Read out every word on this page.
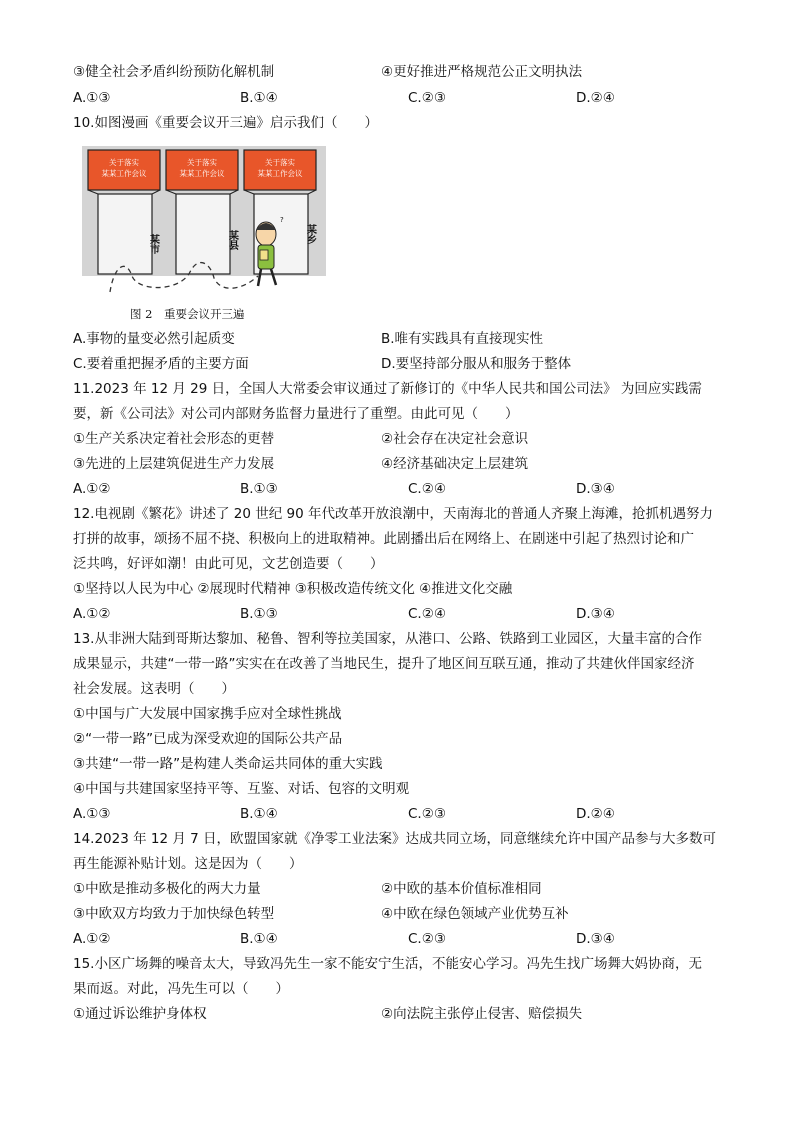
③健全社会矛盾纠纷预防化解机制	④更好推进严格规范公正文明执法
A.①③	B.①④	C.②③	D.②④
10.如图漫画《重要会议开三遍》启示我们（　　）
关于落实
某某工作会议
某市
关于落实
某某工作会议
某县
关于落实
某某工作会议
某乡
?
图 2　重要会议开三遍
A.事物的量变必然引起质变	B.唯有实践具有直接现实性
C.要着重把握矛盾的主要方面	D.要坚持部分服从和服务于整体
11.2023 年 12 月 29 日，全国人大常委会审议通过了新修订的《中华人民共和国公司法》 为回应实践需
要，新《公司法》对公司内部财务监督力量进行了重塑。由此可见（　　）
①生产关系决定着社会形态的更替	②社会存在决定社会意识
③先进的上层建筑促进生产力发展	④经济基础决定上层建筑
A.①②	B.①③	C.②④	D.③④
12.电视剧《繁花》讲述了 20 世纪 90 年代改革开放浪潮中，天南海北的普通人齐聚上海滩，抢抓机遇努力
打拼的故事，颂扬不屈不挠、积极向上的进取精神。此剧播出后在网络上、在剧迷中引起了热烈讨论和广
泛共鸣，好评如潮！由此可见，文艺创造要（　　）
①坚持以人民为中心 ②展现时代精神 ③积极改造传统文化 ④推进文化交融
A.①②	B.①③	C.②④	D.③④
13.从非洲大陆到哥斯达黎加、秘鲁、智利等拉美国家，从港口、公路、铁路到工业园区，大量丰富的合作
成果显示，共建“一带一路”实实在在改善了当地民生，提升了地区间互联互通，推动了共建伙伴国家经济
社会发展。这表明（　　）
①中国与广大发展中国家携手应对全球性挑战
②“一带一路”已成为深受欢迎的国际公共产品
③共建“一带一路”是构建人类命运共同体的重大实践
④中国与共建国家坚持平等、互鉴、对话、包容的文明观
A.①③	B.①④	C.②③	D.②④
14.2023 年 12 月 7 日，欧盟国家就《净零工业法案》达成共同立场，同意继续允许中国产品参与大多数可
再生能源补贴计划。这是因为（　　）
①中欧是推动多极化的两大力量	②中欧的基本价值标准相同
③中欧双方均致力于加快绿色转型	④中欧在绿色领域产业优势互补
A.①②	B.①④	C.②③	D.③④
15.小区广场舞的噪音太大，导致冯先生一家不能安宁生活，不能安心学习。冯先生找广场舞大妈协商，无
果而返。对此，冯先生可以（　　）
①通过诉讼维护身体权	②向法院主张停止侵害、赔偿损失
